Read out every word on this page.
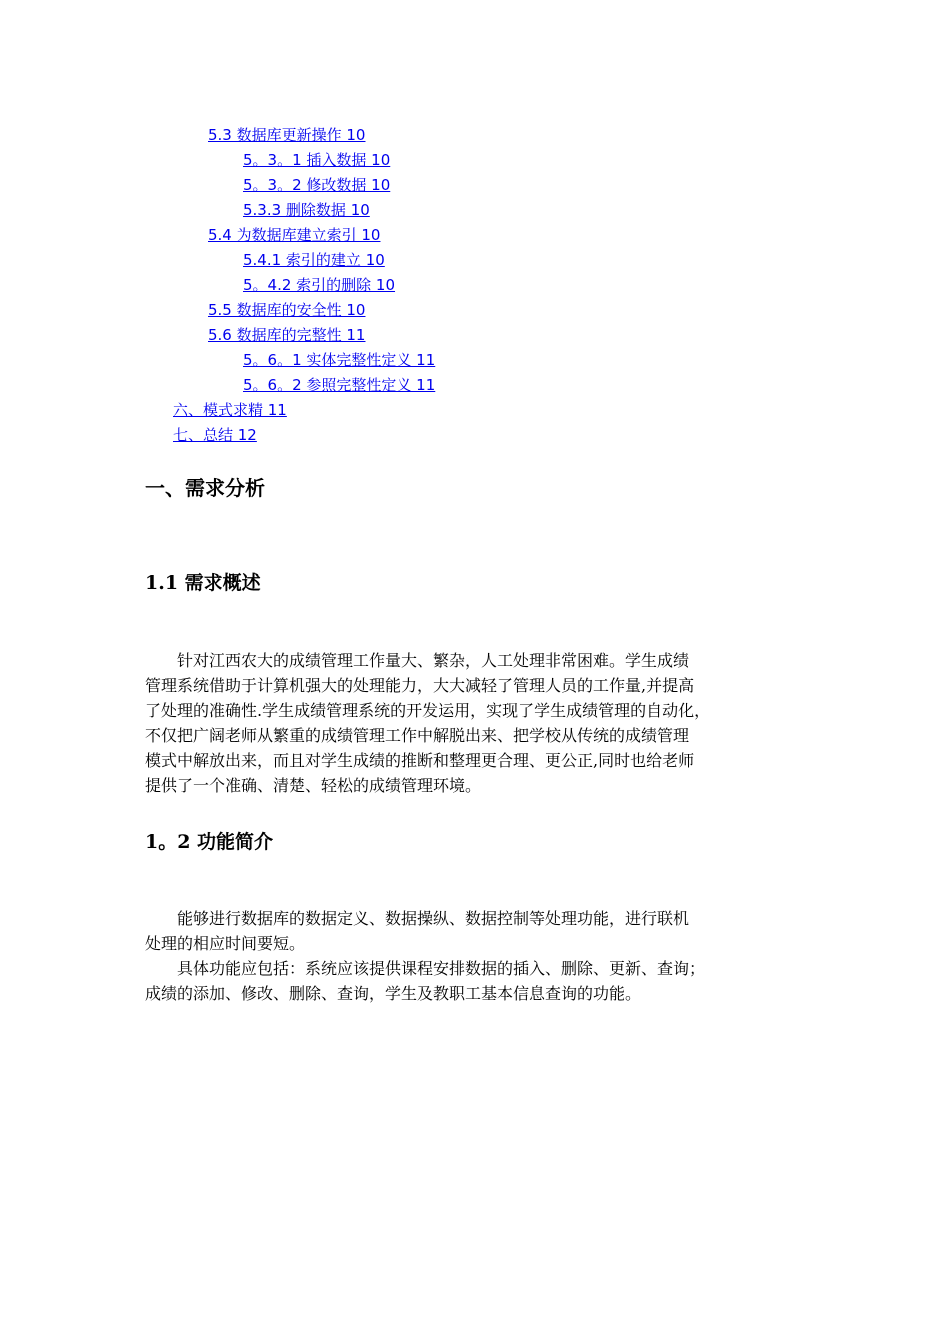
5.3 数据库更新操作 10
5。3。1 插入数据 10
5。3。2 修改数据 10
5.3.3 删除数据 10
5.4 为数据库建立索引 10
5.4.1 索引的建立 10
5。4.2 索引的删除 10
5.5 数据库的安全性 10
5.6 数据库的完整性 11
5。6。1 实体完整性定义 11
5。6。2 参照完整性定义 11
六、模式求精 11
七、总结 12
一、需求分析
1.1 需求概述
针对江西农大的成绩管理工作量大、繁杂，人工处理非常困难。学生成绩
管理系统借助于计算机强大的处理能力，大大减轻了管理人员的工作量,并提高
了处理的准确性.学生成绩管理系统的开发运用，实现了学生成绩管理的自动化，
不仅把广阔老师从繁重的成绩管理工作中解脱出来、把学校从传统的成绩管理
模式中解放出来，而且对学生成绩的推断和整理更合理、更公正,同时也给老师
提供了一个准确、清楚、轻松的成绩管理环境。
1。2 功能简介
能够进行数据库的数据定义、数据操纵、数据控制等处理功能，进行联机
处理的相应时间要短。
具体功能应包括：系统应该提供课程安排数据的插入、删除、更新、查询；
成绩的添加、修改、删除、查询，学生及教职工基本信息查询的功能。
